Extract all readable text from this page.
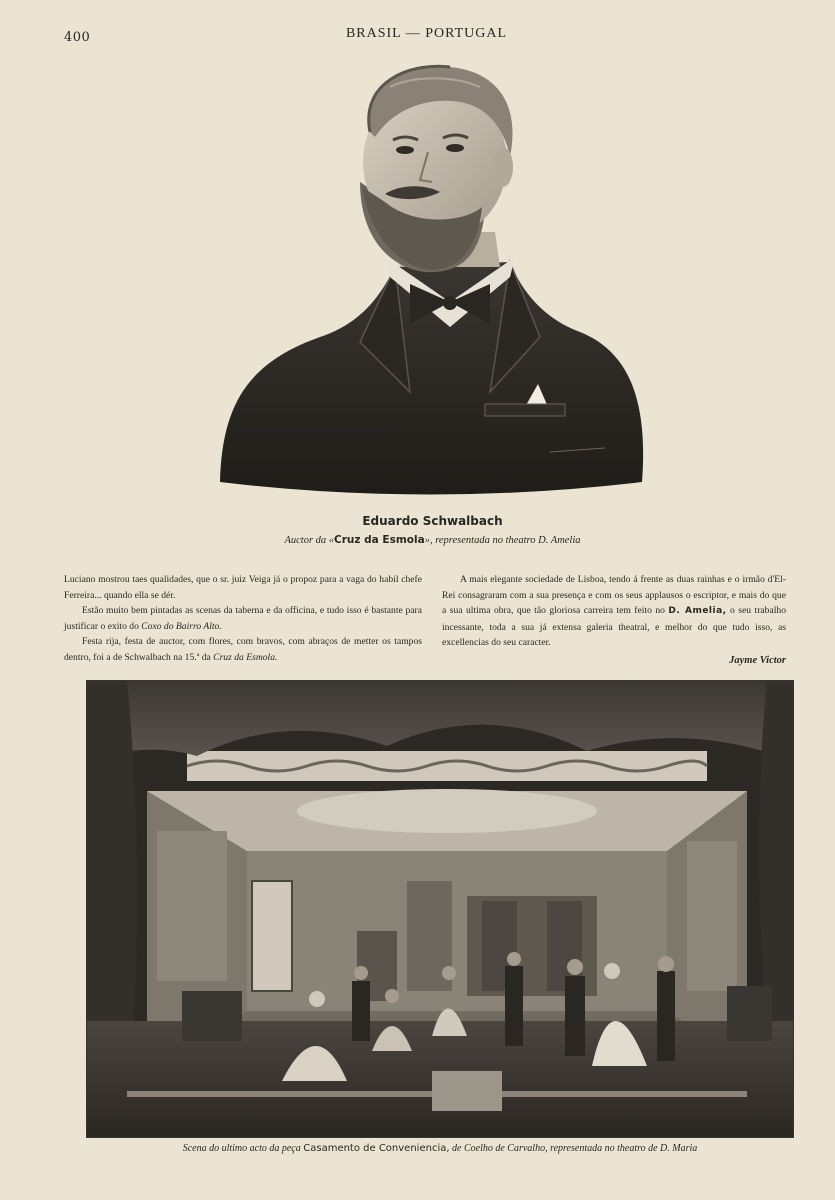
400	BRASIL — PORTUGAL
Eduardo Schwalbach
Auctor da «Cruz da Esmola», representada no theatro D. Amelia

Luciano mostrou taes qualidades, que o sr. juiz Veiga já o propoz para a vaga do habil chefe Ferreira... quando ella se dér.

Estão muito bem pintadas as scenas da taberna e da officina, e tudo isso é bastante para justificar o exito do Coxo do Bairro Alto.

Festa rija, festa de auctor, com flores, com bravos, com abraços de metter os tampos dentro, foi a de Schwalbach na 15.ª da Cruz da Esmola.

A mais elegante sociedade de Lisboa, tendo á frente as duas rainhas e o irmão d'El-Rei consagraram com a sua presença e com os seus applausos o escriptor, e mais do que a sua ultima obra, que tão gloriosa carreira tem feito no D. Amelia, o seu trabalho incessante, toda a sua já extensa galeria theatral, e melhor do que tudo isso, as excellencias do seu caracter.

Jayme Victor
Scena do ultimo acto da peça Casamento de Conveniencia, de Coelho de Carvalho, representada no theatro de D. Maria
